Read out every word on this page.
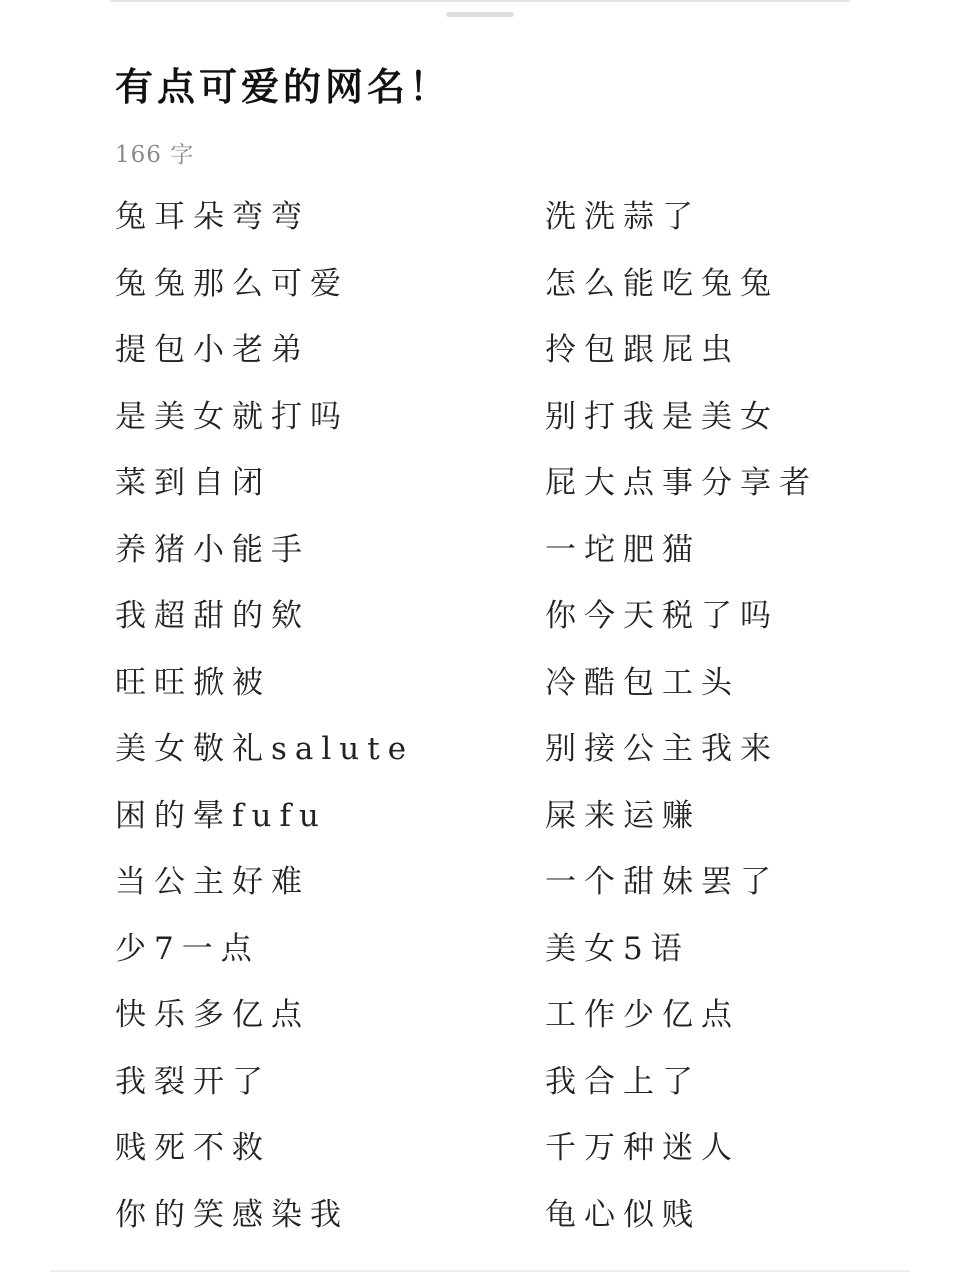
有点可爱的网名！
166 字
兔耳朵弯弯	洗洗蒜了
兔兔那么可爱	怎么能吃兔兔
提包小老弟	拎包跟屁虫
是美女就打吗	别打我是美女
菜到自闭	屁大点事分享者
养猪小能手	一坨肥猫
我超甜的欸	你今天税了吗
旺旺掀被	冷酷包工头
美女敬礼salute	别接公主我来
困的晕fufu	屎来运赚
当公主好难	一个甜妹罢了
少7一点	美女5语
快乐多亿点	工作少亿点
我裂开了	我合上了
贱死不救	千万种迷人
你的笑感染我	龟心似贱
